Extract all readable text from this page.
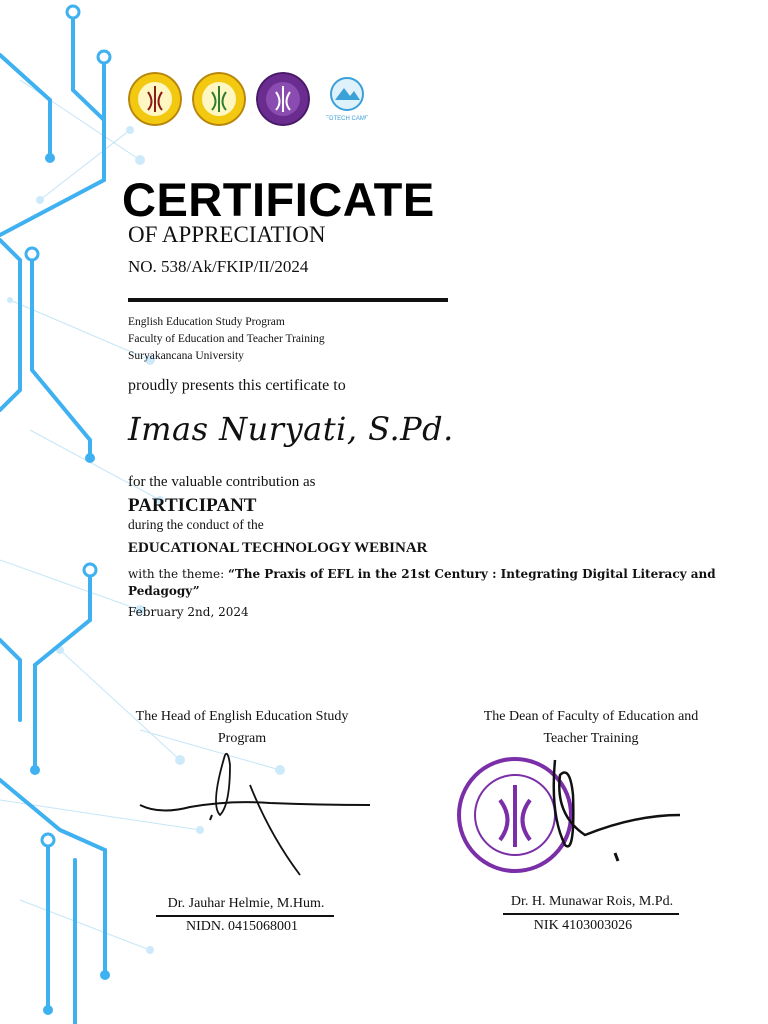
EDTECH CAMP
CERTIFICATE
OF APPRECIATION
NO. 538/Ak/FKIP/II/2024
English Education Study Program
Faculty of Education and Teacher Training
Suryakancana University
proudly presents this certificate to
Imas Nuryati, S.Pd.
for the valuable contribution as
PARTICIPANT
during the conduct of the
EDUCATIONAL TECHNOLOGY WEBINAR
with the theme: “The Praxis of EFL in the 21st Century : Integrating Digital Literacy and Pedagogy”
February 2nd, 2024
The Head of English Education Study
Program
Dr. Jauhar Helmie, M.Hum.
NIDN. 0415068001
The Dean of Faculty of Education and
Teacher Training
Dr. H. Munawar Rois, M.Pd.
NIK 4103003026
